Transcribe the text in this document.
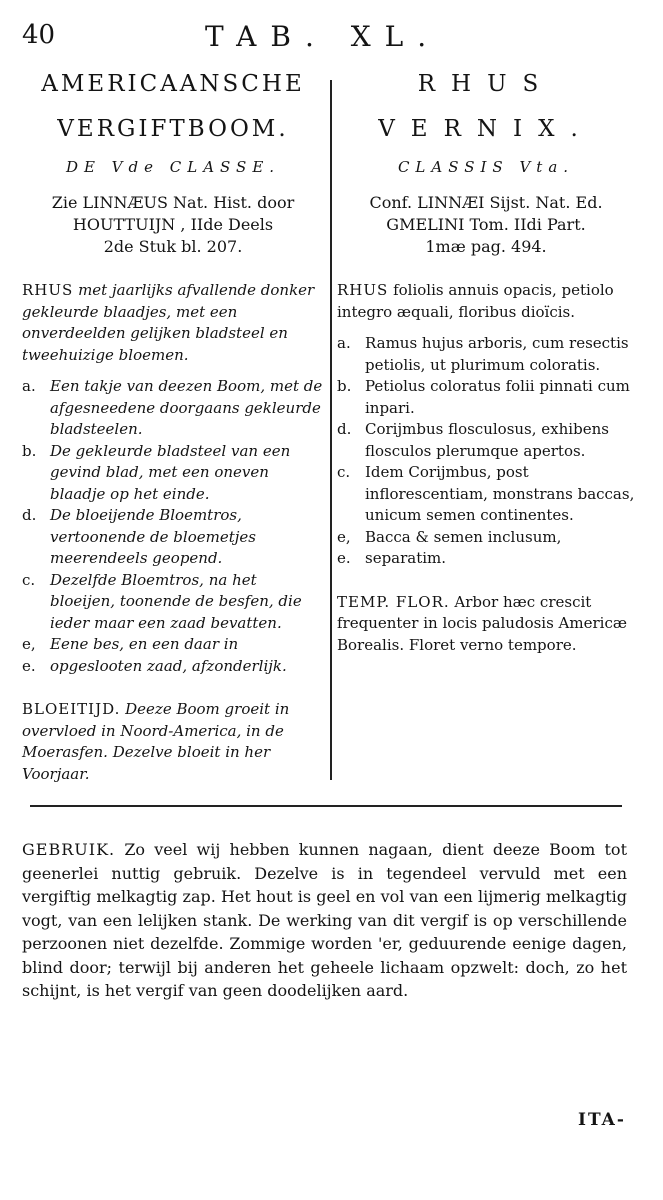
40	TAB. XL.
AMERICAANSCHE
VERGIFTBOOM.
DE Vde CLASSE.
Zie LINNÆUS Nat. Hist. door
HOUTTUIJN , IIde Deels
2de Stuk bl. 207.
RHUS met jaarlijks afvallende donker gekleurde blaadjes, met een onverdeelden gelijken bladsteel en tweehuizige bloemen.
a. Een takje van deezen Boom, met de afgesneedene doorgaans gekleurde bladsteelen.
b. De gekleurde bladsteel van een gevind blad, met een oneven blaadje op het einde.
d. De bloeijende Bloemtros, vertoonende de bloemetjes meerendeels geopend.
c. Dezelfde Bloemtros, na het bloeijen, toonende de besfen, die ieder maar een zaad bevatten.
e, e.
Eene bes, en een daar in opgeslooten zaad, afzonderlijk.
BLOEITIJD. Deeze Boom groeit in overvloed in Noord-America, in de Moerasfen. Dezelve bloeit in her Voorjaar.
RHUS
VERNIX.
CLASSIS Vta.
Conf. LINNÆI Sijst. Nat. Ed.
GMELINI Tom. IIdi Part.
1mæ pag. 494.
RHUS foliolis annuis opacis, petiolo integro æquali, floribus dioïcis.
a. Ramus hujus arboris, cum resectis petiolis, ut plurimum coloratis.
b. Petiolus coloratus folii pinnati cum inpari.
d. Corijmbus flosculosus, exhibens flosculos plerumque apertos.
c. Idem Corijmbus, post inflorescentiam, monstrans baccas, unicum semen continentes.
e, e.
Bacca & semen inclusum, separatim.
TEMP. FLOR. Arbor hæc crescit frequenter in locis paludosis Americæ Borealis. Floret verno tempore.
GEBRUIK. Zo veel wij hebben kunnen nagaan, dient deeze Boom tot geenerlei nuttig gebruik. Dezelve is in tegendeel vervuld met een vergiftig melkagtig zap. Het hout is geel en vol van een lijmerig melkagtig vogt, van een lelijken stank. De werking van dit vergif is op verschillende perzoonen niet dezelfde. Zommige worden 'er, geduurende eenige dagen, blind door; terwijl bij anderen het geheele lichaam opzwelt: doch, zo het schijnt, is het vergif van geen doodelijken aard.
ITA-
